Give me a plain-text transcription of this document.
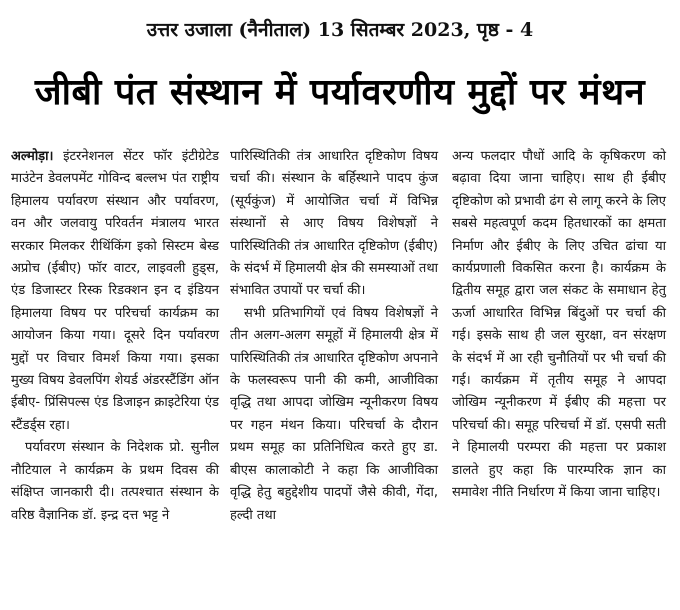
उत्तर उजाला (नैनीताल) 13 सितम्बर 2023, पृष्ठ - 4
जीबी पंत संस्थान में पर्यावरणीय मुद्दों पर मंथन

अल्मोड़ा। इंटरनेशनल सेंटर फॉर इंटीग्रेटेड माउंटेन डेवलपमेंट गोविन्द बल्लभ पंत राष्ट्रीय हिमालय पर्यावरण संस्थान और पर्यावरण, वन और जलवायु परिवर्तन मंत्रालय भारत सरकार मिलकर रीथिंकिंग इको सिस्टम बेस्ड अप्रोच (ईबीए) फॉर वाटर, लाइवली हुड्स, एंड डिजास्टर रिस्क रिडक्शन इन द इंडियन हिमालया विषय पर परिचर्चा कार्यक्रम का आयोजन किया गया। दूसरे दिन पर्यावरण मुद्दों पर विचार विमर्श किया गया। इसका मुख्य विषय डेवलपिंग शेयर्ड अंडरस्टैंडिंग ऑन ईबीए- प्रिंसिपल्स एंड डिजाइन क्राइटेरिया एंड स्टैंडर्ड्स रहा।

पर्यावरण संस्थान के निदेशक प्रो. सुनील नौटियाल ने कार्यक्रम के प्रथम दिवस की संक्षिप्त जानकारी दी। तत्पश्चात संस्थान के वरिष्ठ वैज्ञानिक डॉ. इन्द्र दत्त भट्ट ने

पारिस्थितिकी तंत्र आधारित दृष्टिकोण विषय चर्चा की। संस्थान के बर्हिस्थाने पादप कुंज (सूर्यकुंज) में आयोजित चर्चा में विभिन्न संस्थानों से आए विषय विशेषज्ञों ने पारिस्थितिकी तंत्र आधारित दृष्टिकोण (ईबीए) के संदर्भ में हिमालयी क्षेत्र की समस्याओं तथा संभावित उपायों पर चर्चा की।

सभी प्रतिभागियों एवं विषय विशेषज्ञों ने तीन अलग-अलग समूहों में हिमालयी क्षेत्र में पारिस्थितिकी तंत्र आधारित दृष्टिकोण अपनाने के फलस्वरूप पानी की कमी, आजीविका वृद्धि तथा आपदा जोखिम न्यूनीकरण विषय पर गहन मंथन किया। परिचर्चा के दौरान प्रथम समूह का प्रतिनिधित्व करते हुए डा. बीएस कालाकोटी ने कहा कि आजीविका वृद्धि हेतु बहुद्देशीय पादपों जैसे कीवी, गेंदा, हल्दी तथा

अन्य फलदार पौधों आदि के कृषिकरण को बढ़ावा दिया जाना चाहिए। साथ ही ईबीए दृष्टिकोण को प्रभावी ढंग से लागू करने के लिए सबसे महत्वपूर्ण कदम हितधारकों का क्षमता निर्माण और ईबीए के लिए उचित ढांचा या कार्यप्रणाली विकसित करना है। कार्यक्रम के द्वितीय समूह द्वारा जल संकट के समाधान हेतु ऊर्जा आधारित विभिन्न बिंदुओं पर चर्चा की गई। इसके साथ ही जल सुरक्षा, वन संरक्षण के संदर्भ में आ रही चुनौतियों पर भी चर्चा की गई। कार्यक्रम में तृतीय समूह ने आपदा जोखिम न्यूनीकरण में ईबीए की महत्ता पर परिचर्चा की। समूह परिचर्चा में डॉ. एसपी सती ने हिमालयी परम्परा की महत्ता पर प्रकाश डालते हुए कहा कि पारम्परिक ज्ञान का समावेश नीति निर्धारण में किया जाना चाहिए।
